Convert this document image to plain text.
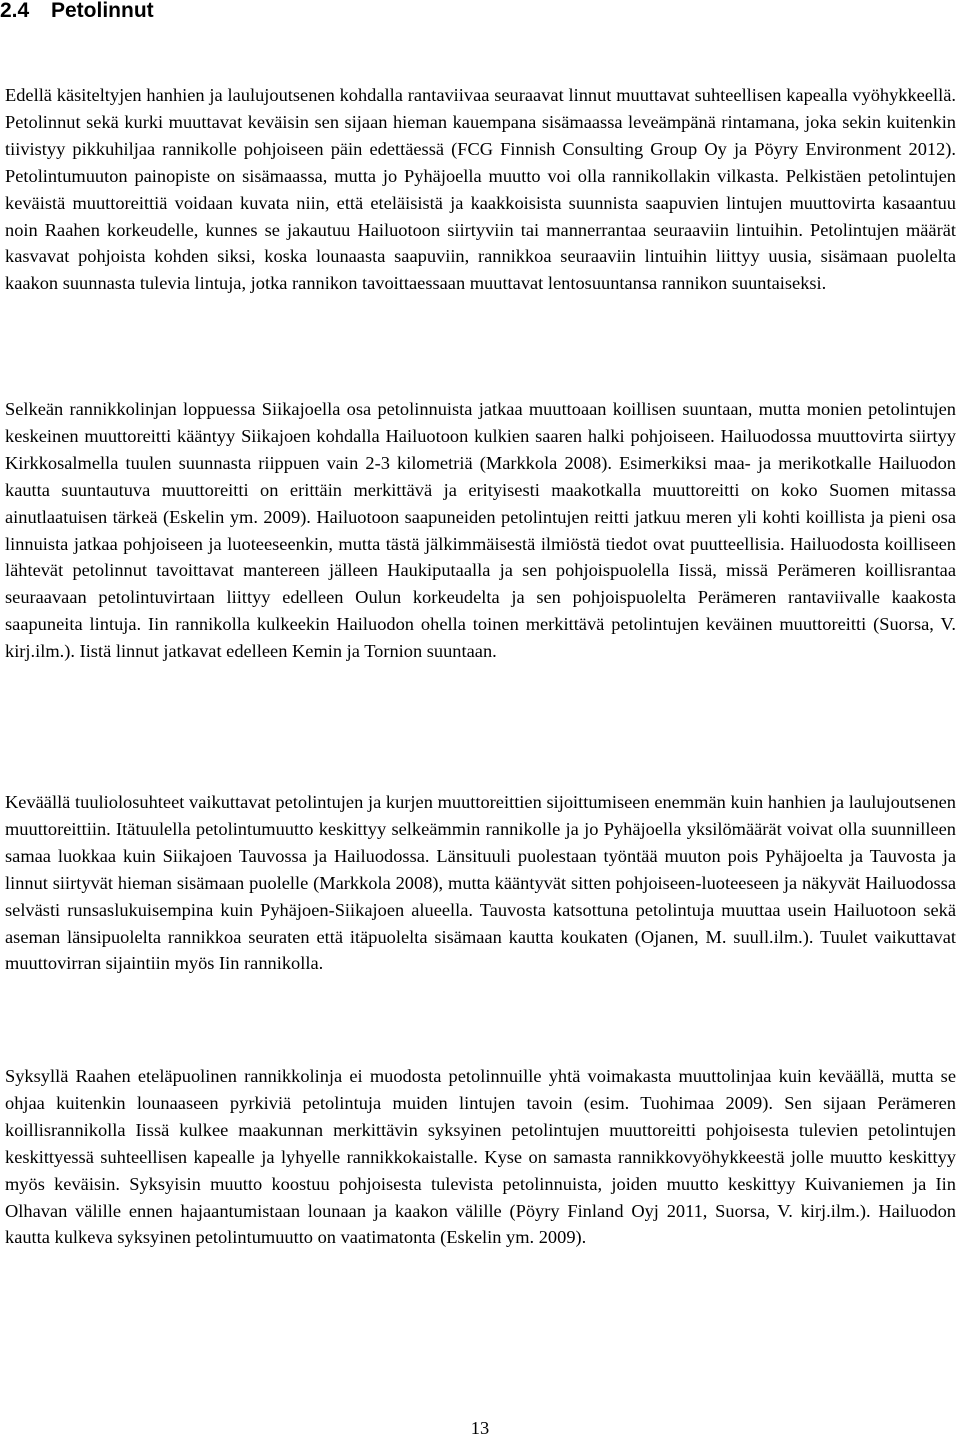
2.4 Petolinnut

Edellä käsiteltyjen hanhien ja laulujoutsenen kohdalla rantaviivaa seuraavat linnut muuttavat suhteellisen kapealla vyöhykkeellä. Petolinnut sekä kurki muuttavat keväisin sen sijaan hieman kauempana sisämaassa leveämpänä rintamana, joka sekin kuitenkin tiivistyy pikkuhiljaa rannikolle pohjoiseen päin edettäessä (FCG Finnish Consulting Group Oy ja Pöyry Environment 2012). Petolintumuuton painopiste on sisämaassa, mutta jo Pyhäjoella muutto voi olla rannikollakin vilkasta. Pelkistäen petolintujen keväistä muuttoreittiä voidaan kuvata niin, että eteläisistä ja kaakkoisista suunnista saapuvien lintujen muuttovirta kasaantuu noin Raahen korkeudelle, kunnes se jakautuu Hailuotoon siirtyviin tai mannerrantaa seuraaviin lintuihin. Petolintujen määrät kasvavat pohjoista kohden siksi, koska lounaasta saapuviin, rannikkoa seuraaviin lintuihin liittyy uusia, sisämaan puolelta kaakon suunnasta tulevia lintuja, jotka rannikon tavoittaessaan muuttavat lentosuuntansa rannikon suuntaiseksi.

Selkeän rannikkolinjan loppuessa Siikajoella osa petolinnuista jatkaa muuttoaan koillisen suuntaan, mutta monien petolintujen keskeinen muuttoreitti kääntyy Siikajoen kohdalla Hailuotoon kulkien saaren halki pohjoiseen. Hailuodossa muuttovirta siirtyy Kirkkosalmella tuulen suunnasta riippuen vain 2-3 kilometriä (Markkola 2008). Esimerkiksi maa- ja merikotkalle Hailuodon kautta suuntautuva muuttoreitti on erittäin merkittävä ja erityisesti maakotkalla muuttoreitti on koko Suomen mitassa ainutlaatuisen tärkeä (Eskelin ym. 2009). Hailuotoon saapuneiden petolintujen reitti jatkuu meren yli kohti koillista ja pieni osa linnuista jatkaa pohjoiseen ja luoteeseenkin, mutta tästä jälkimmäisestä ilmiöstä tiedot ovat puutteellisia. Hailuodosta koilliseen lähtevät petolinnut tavoittavat mantereen jälleen Haukiputaalla ja sen pohjoispuolella Iissä, missä Perämeren koillisrantaa seuraavaan petolintuvirtaan liittyy edelleen Oulun korkeudelta ja sen pohjoispuolelta Perämeren rantaviivalle kaakosta saapuneita lintuja. Iin rannikolla kulkeekin Hailuodon ohella toinen merkittävä petolintujen keväinen muuttoreitti (Suorsa, V. kirj.ilm.). Iistä linnut jatkavat edelleen Kemin ja Tornion suuntaan.

Keväällä tuuliolosuhteet vaikuttavat petolintujen ja kurjen muuttoreittien sijoittumiseen enemmän kuin hanhien ja laulujoutsenen muuttoreittiin. Itätuulella petolintumuutto keskittyy selkeämmin rannikolle ja jo Pyhäjoella yksilömäärät voivat olla suunnilleen samaa luokkaa kuin Siikajoen Tauvossa ja Hailuodossa. Länsituuli puolestaan työntää muuton pois Pyhäjoelta ja Tauvosta ja linnut siirtyvät hieman sisämaan puolelle (Markkola 2008), mutta kääntyvät sitten pohjoiseen-luoteeseen ja näkyvät Hailuodossa selvästi runsaslukuisempina kuin Pyhäjoen-Siikajoen alueella. Tauvosta katsottuna petolintuja muuttaa usein Hailuotoon sekä aseman länsipuolelta rannikkoa seuraten että itäpuolelta sisämaan kautta koukaten (Ojanen, M. suull.ilm.). Tuulet vaikuttavat muuttovirran sijaintiin myös Iin rannikolla.

Syksyllä Raahen eteläpuolinen rannikkolinja ei muodosta petolinnuille yhtä voimakasta muuttolinjaa kuin keväällä, mutta se ohjaa kuitenkin lounaaseen pyrkiviä petolintuja muiden lintujen tavoin (esim. Tuohimaa 2009). Sen sijaan Perämeren koillisrannikolla Iissä kulkee maakunnan merkittävin syksyinen petolintujen muuttoreitti pohjoisesta tulevien petolintujen keskittyessä suhteellisen kapealle ja lyhyelle rannikkokaistalle. Kyse on samasta rannikkovyöhykkeestä jolle muutto keskittyy myös keväisin. Syksyisin muutto koostuu pohjoisesta tulevista petolinnuista, joiden muutto keskittyy Kuivaniemen ja Iin Olhavan välille ennen hajaantumistaan lounaan ja kaakon välille (Pöyry Finland Oyj 2011, Suorsa, V. kirj.ilm.). Hailuodon kautta kulkeva syksyinen petolintumuutto on vaatimatonta (Eskelin ym. 2009).

13
